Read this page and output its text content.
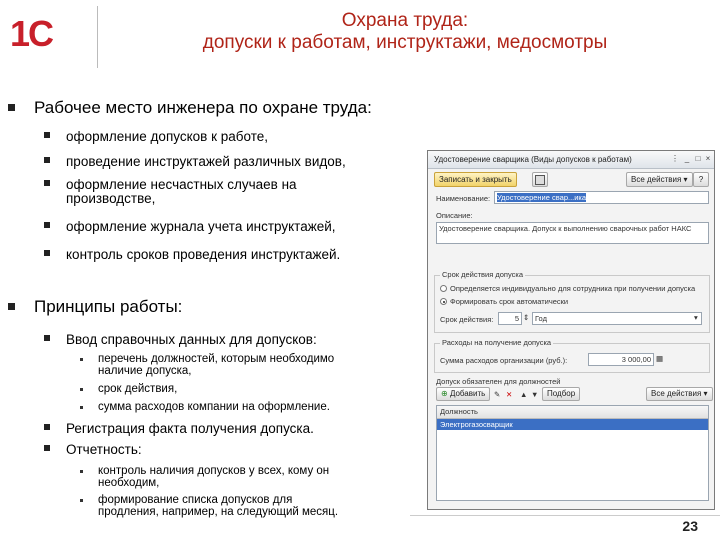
1С	Охрана труда:
допуски к работам, инструктажи, медосмотры
Рабочее место инженера по охране труда:
оформление допусков к работе,
проведение инструктажей различных видов,
оформление несчастных случаев на
производстве,
оформление журнала учета инструктажей,
контроль сроков проведения инструктажей.
Принципы работы:
Ввод справочных данных для допусков:
перечень должностей, которым необходимо
наличие допуска,
срок действия,
сумма расходов компании на оформление.
Регистрация факта получения допуска.
Отчетность:
контроль наличия допусков у всех, кому он
необходим,
формирование списка допусков для
продления, например, на следующий месяц.
Удостоверение сварщика (Виды допусков к работам)	⋮ _ □ ×
Записать и закрыть	Все действия ▾	?
Наименование: Удостоверение свар...ика
Описание:
Удостоверение сварщика. Допуск к выполнению сварочных работ НАКС
Срок действия допуска
Определяется индивидуально для сотрудника при получении допуска
Формировать срок автоматически
Срок действия:	5 ⇕ Год	▾
Расходы на получение допуска
Сумма расходов организации (руб.):	3 000,00 ▦
Допуск обязателен для должностей
⊕ Добавить	✎ ✕ ▲ ▼	Подбор	Все действия ▾
Должность
Электрогазосварщик
23
